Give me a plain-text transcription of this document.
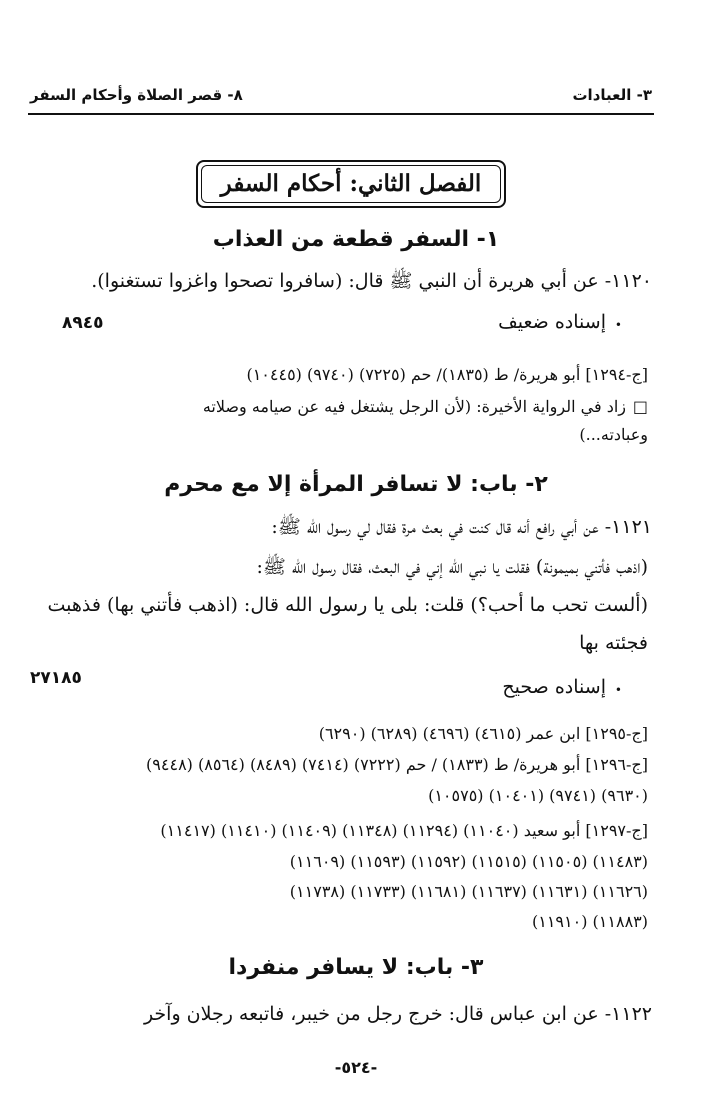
٣- العبادات
٨- قصر الصلاة وأحكام السفر
الفصل الثاني: أحكام السفر
١- السفر قطعة من العذاب
١١٢٠- عن أبي هريرة أن النبي ﷺ قال: (سافروا تصحوا واغزوا تستغنوا).
•
إسناده ضعيف
٨٩٤٥
[ج-١٢٩٤] أبو هريرة/ ط (١٨٣٥)/ حم (٧٢٢٥) (٩٧٤٠) (١٠٤٤٥)
□
زاد في الرواية الأخيرة: (لأن الرجل يشتغل فيه عن صيامه وصلاته
وعبادته...)
٢- باب: لا تسافر المرأة إلا مع محرم
١١٢١- عن أبي رافع أنه قال كنت في بعث مرة فقال لي رسول الله ﷺ:
(اذهب فأتني بميمونة) فقلت يا نبي الله إني في البعث، فقال رسول الله ﷺ:
(ألست تحب ما أحب؟) قلت: بلى يا رسول الله قال: (اذهب فأتني بها) فذهبت
فجئته بها
•
إسناده صحيح
٢٧١٨٥
[ج-١٢٩٥] ابن عمر (٤٦١٥) (٤٦٩٦) (٦٢٨٩) (٦٢٩٠)
[ج-١٢٩٦] أبو هريرة/ ط (١٨٣٣) / حم (٧٢٢٢) (٧٤١٤) (٨٤٨٩) (٨٥٦٤) (٩٤٤٨)
(٩٦٣٠) (٩٧٤١) (١٠٤٠١) (١٠٥٧٥)
[ج-١٢٩٧] أبو سعيد (١١٠٤٠) (١١٢٩٤) (١١٣٤٨) (١١٤٠٩) (١١٤١٠) (١١٤١٧)
(١١٤٨٣) (١١٥٠٥) (١١٥١٥) (١١٥٩٢) (١١٥٩٣) (١١٦٠٩)
(١١٦٢٦) (١١٦٣١) (١١٦٣٧) (١١٦٨١) (١١٧٣٣) (١١٧٣٨)
(١١٨٨٣) (١١٩١٠)
٣- باب: لا يسافر منفردا
١١٢٢- عن ابن عباس قال: خرج رجل من خيبر، فاتبعه رجلان وآخر
-٥٢٤-
